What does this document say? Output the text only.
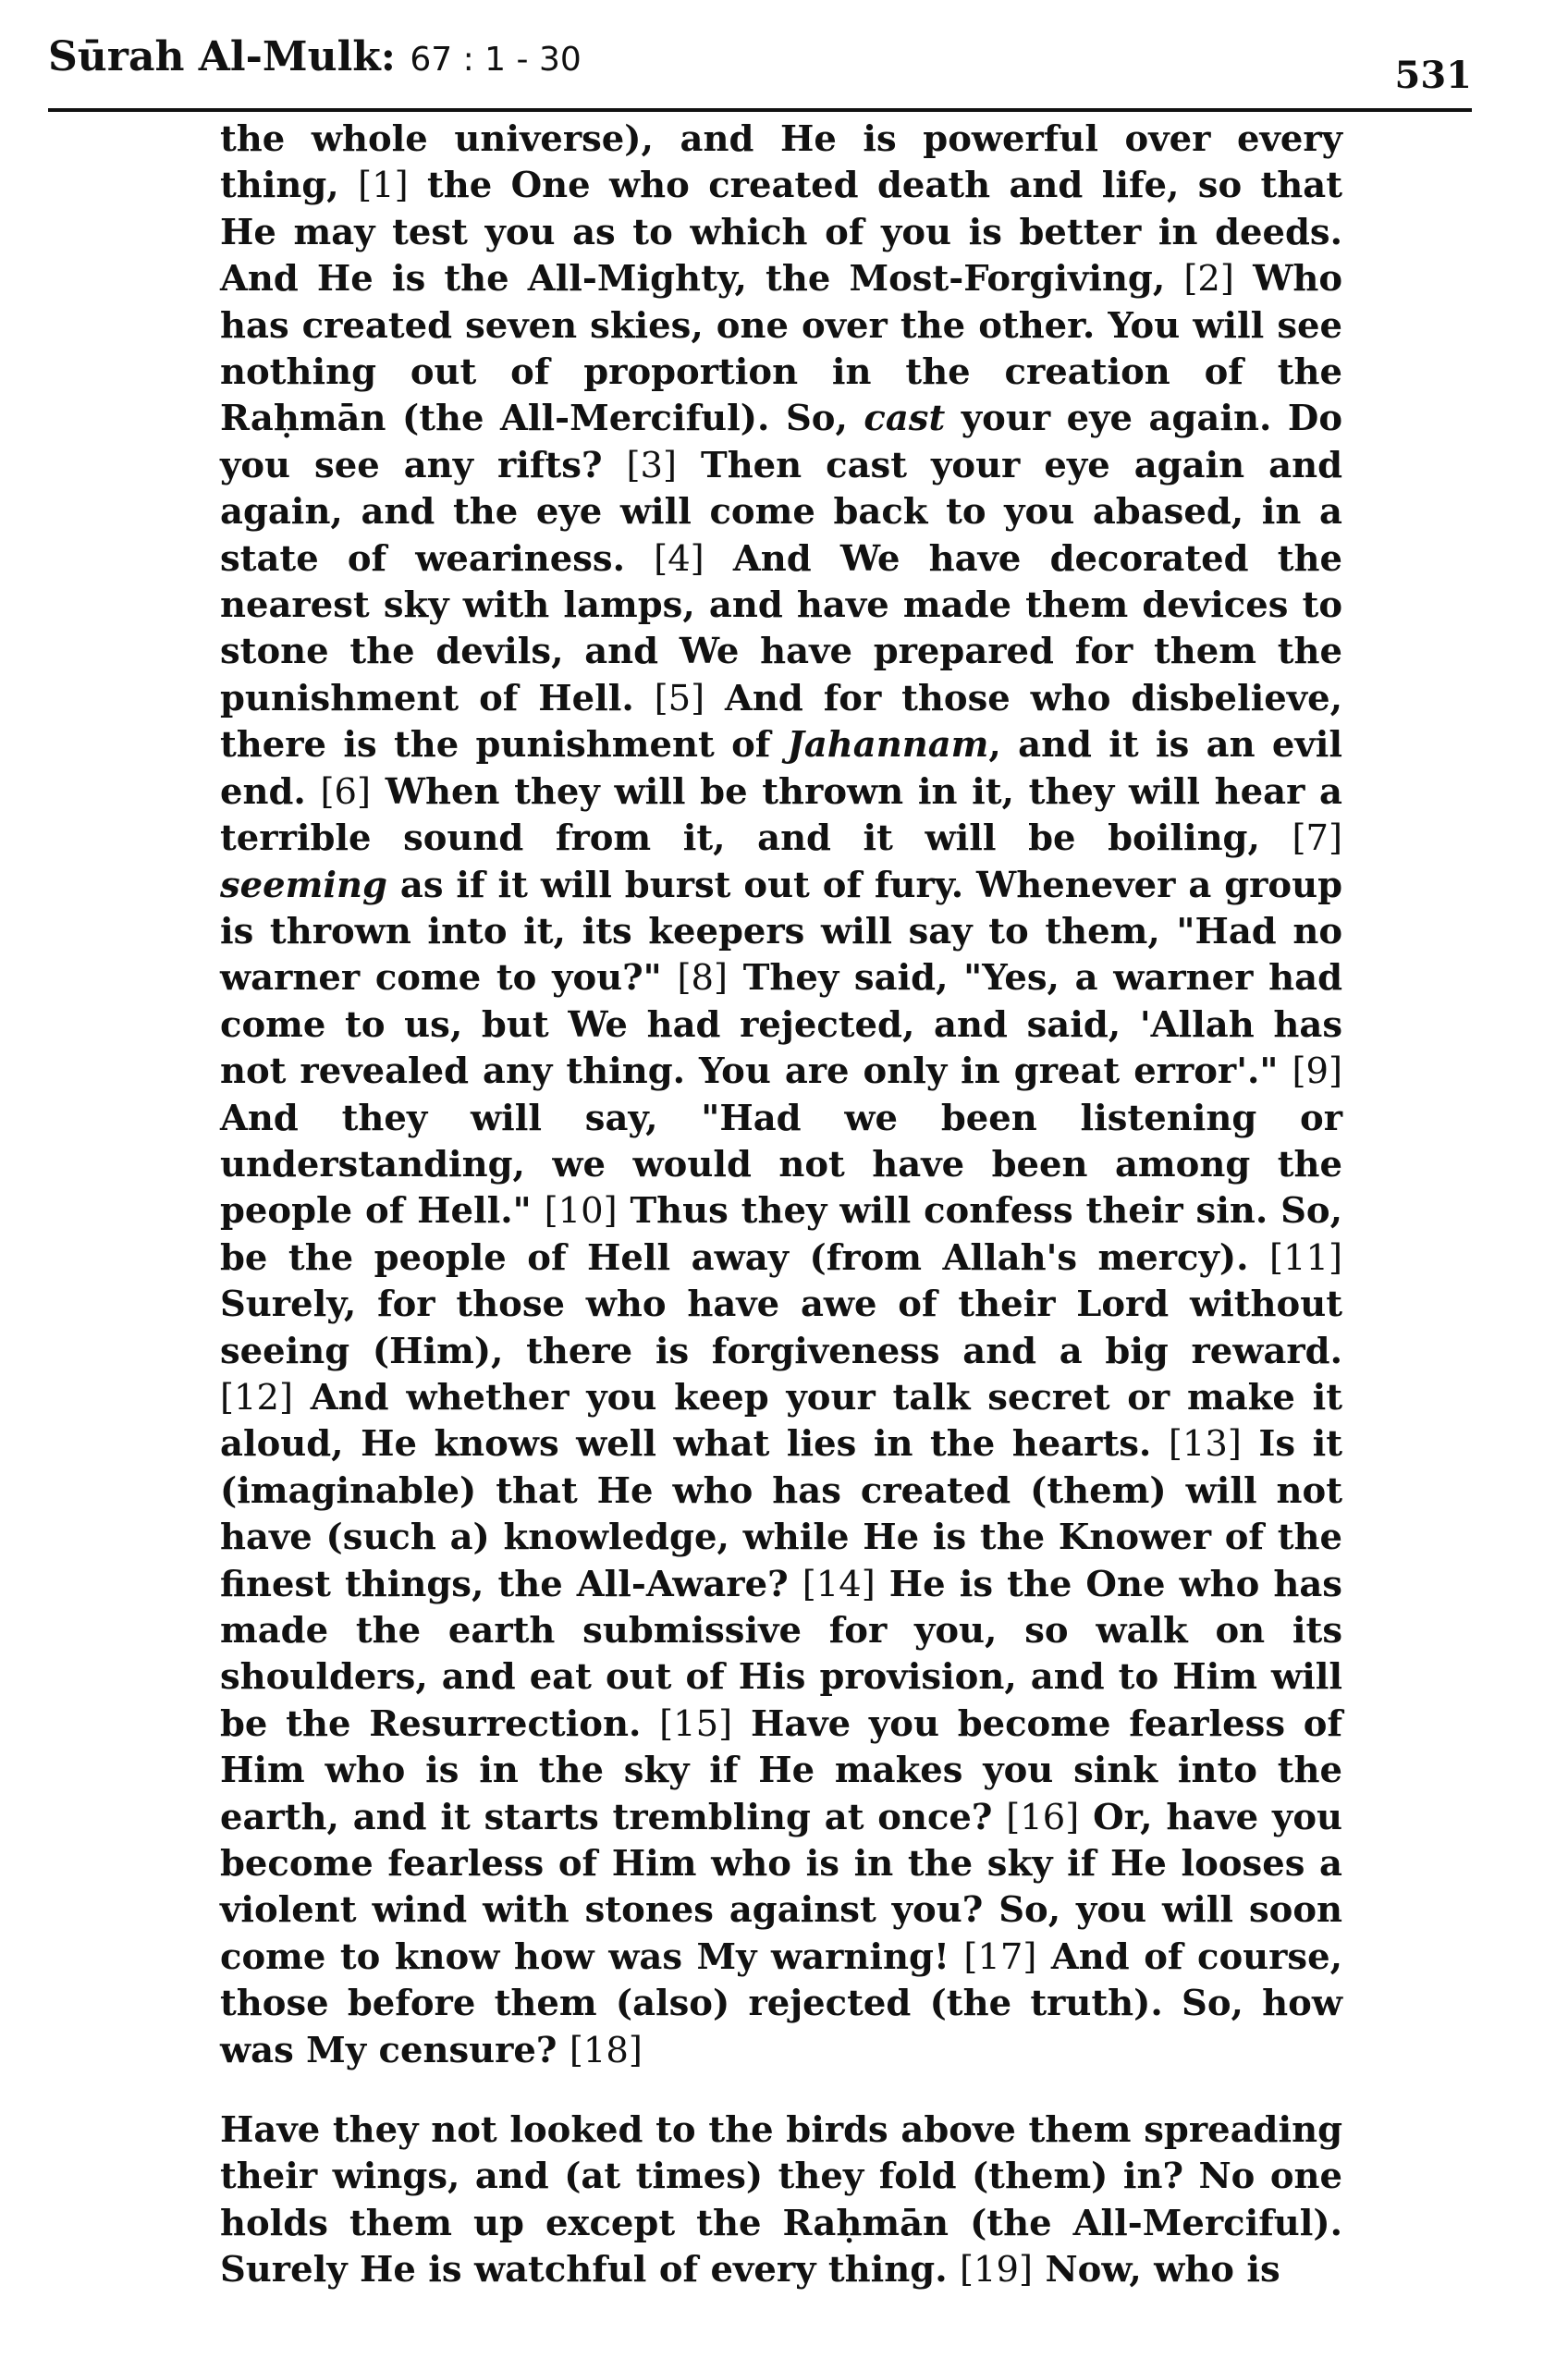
Sūrah Al-Mulk: 67 : 1 - 30	531

the whole universe), and He is powerful over every thing, [1] the One who created death and life, so that He may test you as to which of you is better in deeds. And He is the All-Mighty, the Most-Forgiving, [2] Who has created seven skies, one over the other. You will see nothing out of proportion in the creation of the Raḥmān (the All-Merciful). So, cast your eye again. Do you see any rifts? [3] Then cast your eye again and again, and the eye will come back to you abased, in a state of weariness. [4] And We have decorated the nearest sky with lamps, and have made them devices to stone the devils, and We have prepared for them the punishment of Hell. [5] And for those who disbelieve, there is the punishment of Jahannam, and it is an evil end. [6] When they will be thrown in it, they will hear a terrible sound from it, and it will be boiling, [7] seeming as if it will burst out of fury. Whenever a group is thrown into it, its keepers will say to them, "Had no warner come to you?" [8] They said, "Yes, a warner had come to us, but We had rejected, and said, 'Allah has not revealed any thing. You are only in great error'." [9] And they will say, "Had we been listening or understanding, we would not have been among the people of Hell." [10] Thus they will confess their sin. So, be the people of Hell away (from Allah's mercy). [11] Surely, for those who have awe of their Lord without seeing (Him), there is forgiveness and a big reward. [12] And whether you keep your talk secret or make it aloud, He knows well what lies in the hearts. [13] Is it (imaginable) that He who has created (them) will not have (such a) knowledge, while He is the Knower of the finest things, the All-Aware? [14] He is the One who has made the earth submissive for you, so walk on its shoulders, and eat out of His provision, and to Him will be the Resurrection. [15] Have you become fearless of Him who is in the sky if He makes you sink into the earth, and it starts trembling at once? [16] Or, have you become fearless of Him who is in the sky if He looses a violent wind with stones against you? So, you will soon come to know how was My warning! [17] And of course, those before them (also) rejected (the truth). So, how was My censure? [18]

Have they not looked to the birds above them spreading their wings, and (at times) they fold (them) in? No one holds them up except the Raḥmān (the All-Merciful). Surely He is watchful of every thing. [19] Now, who is
